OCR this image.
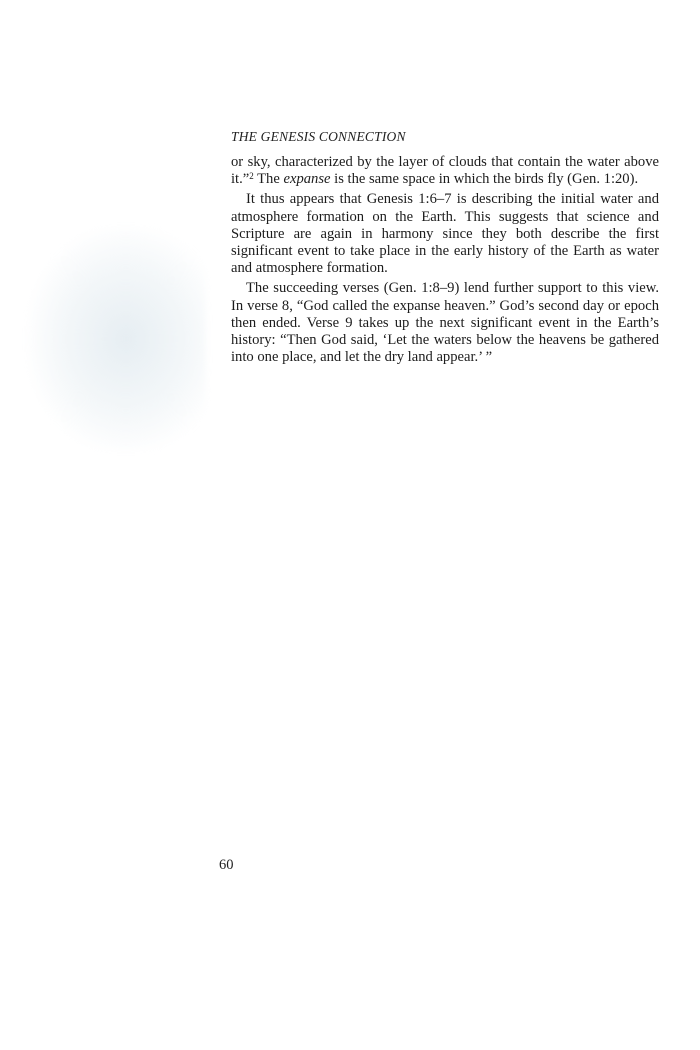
THE GENESIS CONNECTION

or sky, characterized by the layer of clouds that contain the water above it.”$^2$ The expanse is the same space in which the birds fly (Gen. 1:20).

It thus appears that Genesis 1:6–7 is describing the initial water and atmosphere formation on the Earth. This suggests that science and Scripture are again in harmony since they both describe the first significant event to take place in the early history of the Earth as water and atmosphere formation.

The succeeding verses (Gen. 1:8–9) lend further support to this view. In verse 8, “God called the expanse heaven.” God’s second day or epoch then ended. Verse 9 takes up the next significant event in the Earth’s history: “Then God said, ‘Let the waters below the heavens be gathered into one place, and let the dry land appear.’ ”

60
